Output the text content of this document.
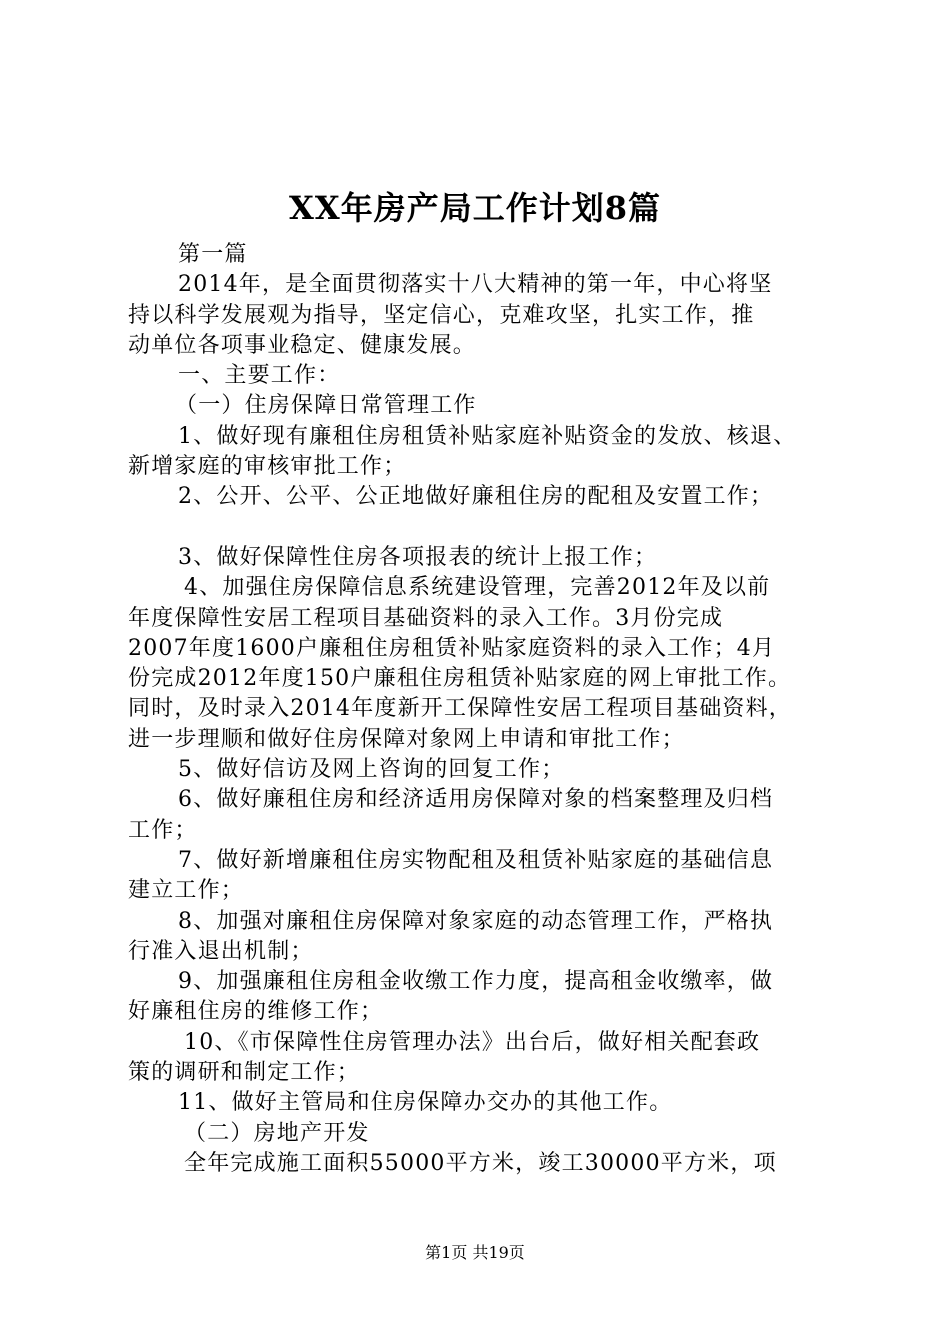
XX年房产局工作计划8篇
第一篇
2014年，是全面贯彻落实十八大精神的第一年，中心将坚
持以科学发展观为指导，坚定信心，克难攻坚，扎实工作，推
动单位各项事业稳定、健康发展。
一、主要工作：
（一）住房保障日常管理工作
1、做好现有廉租住房租赁补贴家庭补贴资金的发放、核退、
新增家庭的审核审批工作；
2、公开、公平、公正地做好廉租住房的配租及安置工作；
3、做好保障性住房各项报表的统计上报工作；
4、加强住房保障信息系统建设管理，完善2012年及以前
年度保障性安居工程项目基础资料的录入工作。3月份完成
2007年度1600户廉租住房租赁补贴家庭资料的录入工作；4月
份完成2012年度150户廉租住房租赁补贴家庭的网上审批工作。
同时，及时录入2014年度新开工保障性安居工程项目基础资料，
进一步理顺和做好住房保障对象网上申请和审批工作；
5、做好信访及网上咨询的回复工作；
6、做好廉租住房和经济适用房保障对象的档案整理及归档
工作；
7、做好新增廉租住房实物配租及租赁补贴家庭的基础信息
建立工作；
8、加强对廉租住房保障对象家庭的动态管理工作，严格执
行准入退出机制；
9、加强廉租住房租金收缴工作力度，提高租金收缴率，做
好廉租住房的维修工作；
10、《市保障性住房管理办法》出台后，做好相关配套政
策的调研和制定工作；
11、做好主管局和住房保障办交办的其他工作。
（二）房地产开发
全年完成施工面积55000平方米，竣工30000平方米，项
第1页 共19页
